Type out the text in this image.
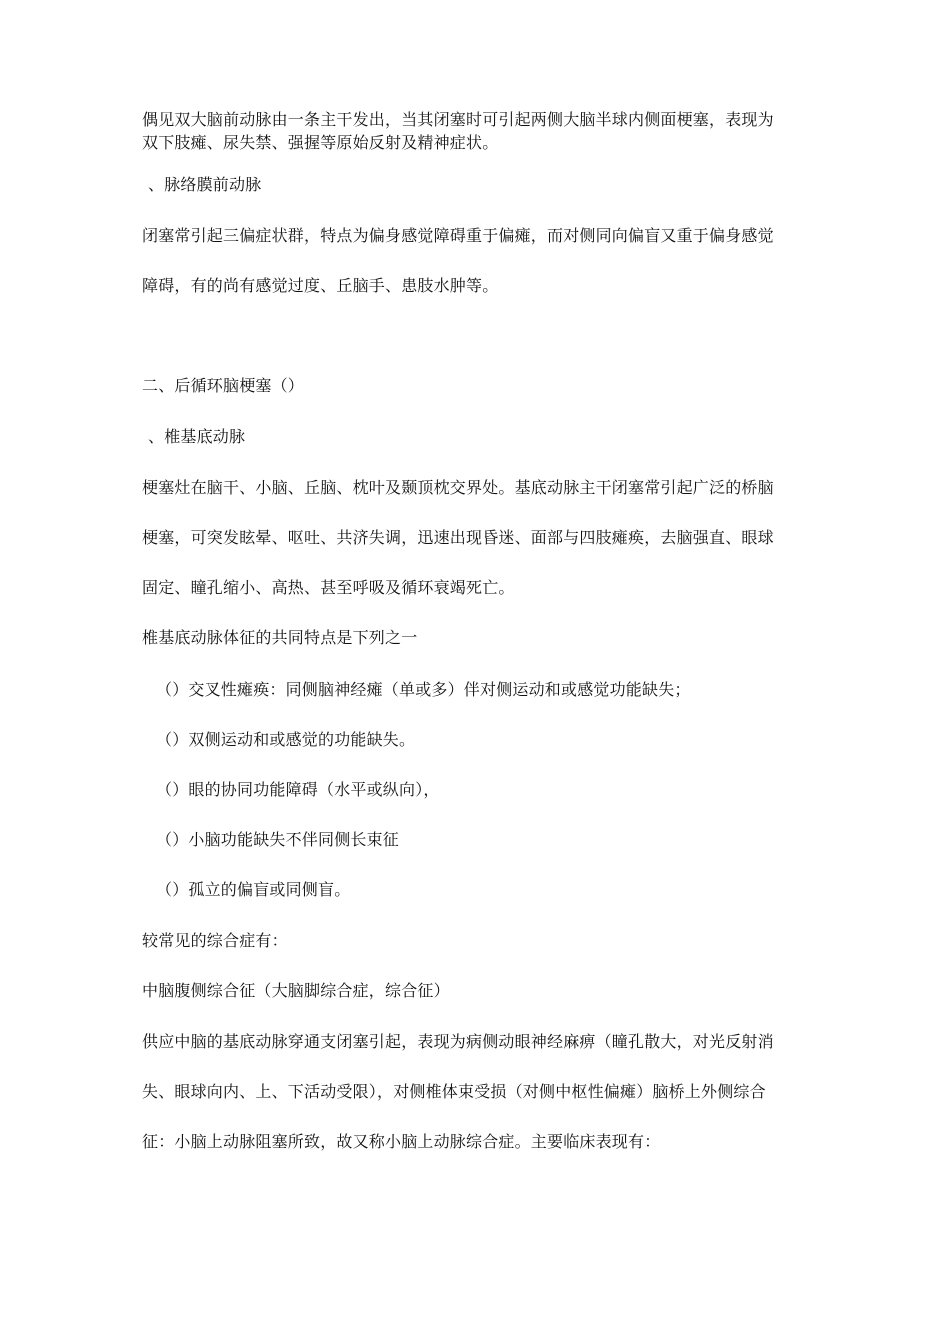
偶见双大脑前动脉由一条主干发出，当其闭塞时可引起两侧大脑半球内侧面梗塞，表现为
双下肢瘫、尿失禁、强握等原始反射及精神症状。
、脉络膜前动脉
闭塞常引起三偏症状群，特点为偏身感觉障碍重于偏瘫，而对侧同向偏盲又重于偏身感觉
障碍，有的尚有感觉过度、丘脑手、患肢水肿等。
二、后循环脑梗塞（）
、椎基底动脉
梗塞灶在脑干、小脑、丘脑、枕叶及颞顶枕交界处。基底动脉主干闭塞常引起广泛的桥脑
梗塞，可突发眩晕、呕吐、共济失调，迅速出现昏迷、面部与四肢瘫痪，去脑强直、眼球
固定、瞳孔缩小、高热、甚至呼吸及循环衰竭死亡。
椎基底动脉体征的共同特点是下列之一
（）交叉性瘫痪：同侧脑神经瘫（单或多）伴对侧运动和或感觉功能缺失；
（）双侧运动和或感觉的功能缺失。
（）眼的协同功能障碍（水平或纵向），
（）小脑功能缺失不伴同侧长束征
（）孤立的偏盲或同侧盲。
较常见的综合症有：
中脑腹侧综合征（大脑脚综合症，综合征）
供应中脑的基底动脉穿通支闭塞引起，表现为病侧动眼神经麻痹（瞳孔散大，对光反射消
失、眼球向内、上、下活动受限），对侧椎体束受损（对侧中枢性偏瘫）脑桥上外侧综合
征：小脑上动脉阻塞所致，故又称小脑上动脉综合症。主要临床表现有：
